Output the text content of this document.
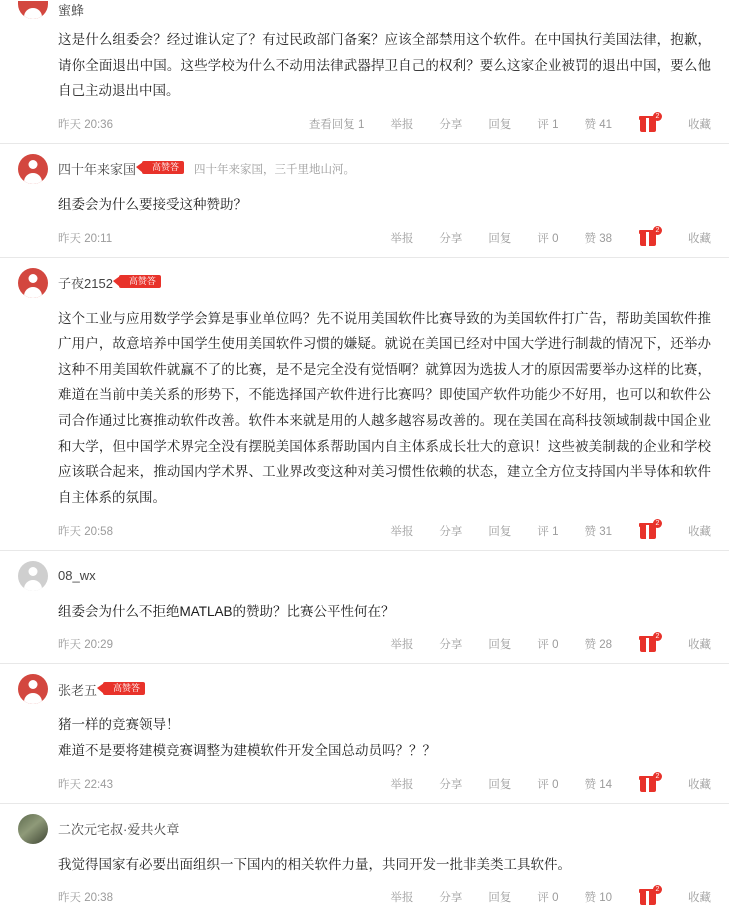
蜜蜂

这是什么组委会？经过谁认定了？有过民政部门备案？应该全部禁用这个软件。在中国执行美国法律，抱歉，请你全面退出中国。这些学校为什么不动用法律武器捍卫自己的权利？要么这家企业被罚的退出中国，要么他自己主动退出中国。

昨天 20:36	查看回复 1	举报	分享	回复	评 1	赞 41
2
收藏
四十年来家国	高赞答	四十年来家国，三千里地山河。

组委会为什么要接受这种赞助？

昨天 20:11	举报	分享	回复	评 0	赞 38
2
收藏
子夜2152	高赞答

这个工业与应用数学学会算是事业单位吗？先不说用美国软件比赛导致的为美国软件打广告，帮助美国软件推广用户，故意培养中国学生使用美国软件习惯的嫌疑。就说在美国已经对中国大学进行制裁的情况下，还举办这种不用美国软件就赢不了的比赛，是不是完全没有觉悟啊？就算因为选拔人才的原因需要举办这样的比赛，难道在当前中美关系的形势下，不能选择国产软件进行比赛吗？即使国产软件功能少不好用，也可以和软件公司合作通过比赛推动软件改善。软件本来就是用的人越多越容易改善的。现在美国在高科技领域制裁中国企业和大学，但中国学术界完全没有摆脱美国体系帮助国内自主体系成长壮大的意识！这些被美制裁的企业和学校应该联合起来，推动国内学术界、工业界改变这种对美习惯性依赖的状态，建立全方位支持国内半导体和软件自主体系的氛围。

昨天 20:58	举报	分享	回复	评 1	赞 31
2
收藏
08_wx

组委会为什么不拒绝MATLAB的赞助？比赛公平性何在？

昨天 20:29	举报	分享	回复	评 0	赞 28
2
收藏
张老五	高赞答

猪一样的竞赛领导！

难道不是要将建模竞赛调整为建模软件开发全国总动员吗？？？

昨天 22:43	举报	分享	回复	评 0	赞 14
2
收藏
二次元宅叔·爱共火章

我觉得国家有必要出面组织一下国内的相关软件力量，共同开发一批非美类工具软件。

昨天 20:38	举报	分享	回复	评 0	赞 10
2
收藏
